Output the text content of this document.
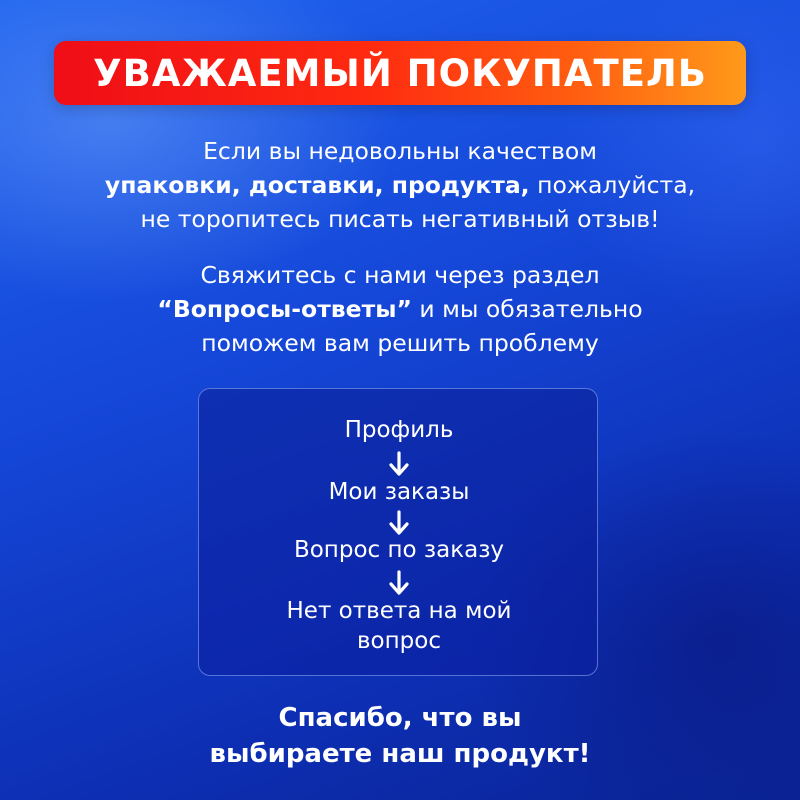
УВАЖАЕМЫЙ ПОКУПАТЕЛЬ
Если вы недовольны качеством
упаковки, доставки, продукта, пожалуйста,
не торопитесь писать негативный отзыв!
Свяжитесь с нами через раздел
“Вопросы-ответы” и мы обязательно
поможем вам решить проблему
Профиль
Мои заказы
Вопрос по заказу
Нет ответа на мой
вопрос
Спасибо, что вы
выбираете наш продукт!
